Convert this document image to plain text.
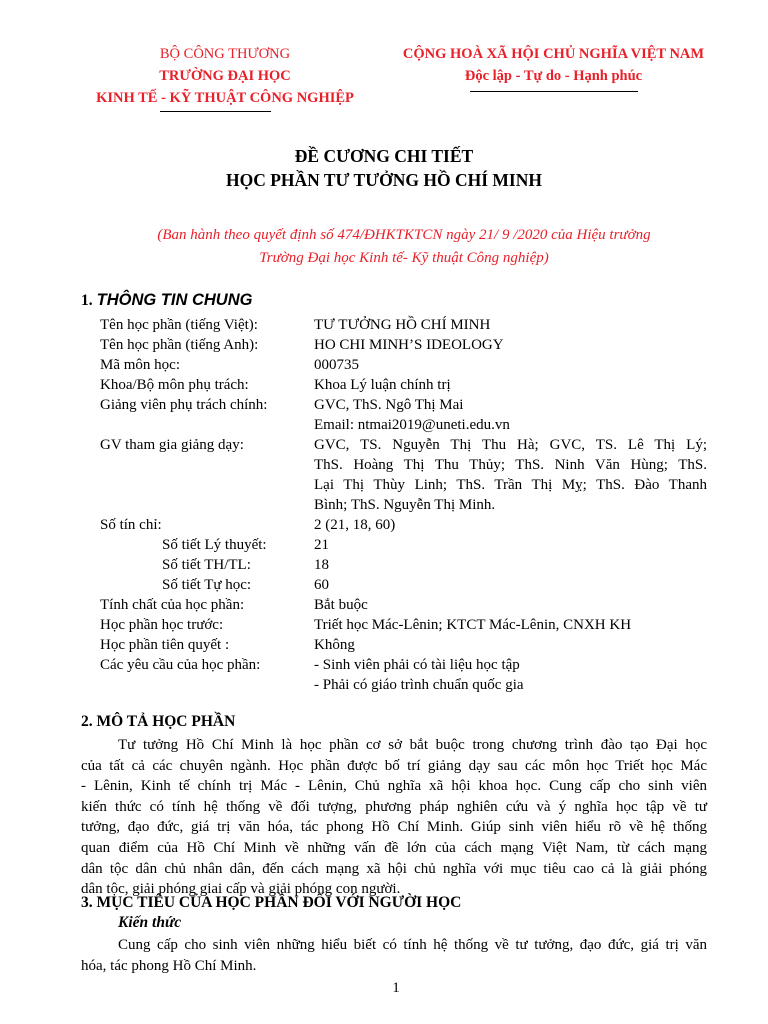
BỘ CÔNG THƯƠNG
TRƯỜNG ĐẠI HỌC
KINH TẾ - KỸ THUẬT CÔNG NGHIỆP
CỘNG HOÀ XÃ HỘI CHỦ NGHĨA VIỆT NAM
Độc lập - Tự do - Hạnh phúc
ĐỀ CƯƠNG CHI TIẾT
HỌC PHẦN TƯ TƯỞNG HỒ CHÍ MINH
(Ban hành theo quyết định số 474/ĐHKTKTCN ngày 21/ 9 /2020 của Hiệu trưởng
Trường Đại học Kinh tế- Kỹ thuật Công nghiệp)
1. THÔNG TIN CHUNG
Tên học phần (tiếng Việt):	TƯ TƯỞNG HỒ CHÍ MINH
Tên học phần (tiếng Anh):	HO CHI MINH’S IDEOLOGY
Mã môn học:	000735
Khoa/Bộ môn phụ trách:	Khoa Lý luận chính trị
Giảng viên phụ trách chính:	GVC, ThS. Ngô Thị Mai
Email: ntmai2019@uneti.edu.vn
GV tham gia giảng dạy:	GVC, TS. Nguyễn Thị Thu Hà; GVC, TS. Lê Thị Lý;
ThS. Hoàng Thị Thu Thủy; ThS. Ninh Văn Hùng; ThS.
Lại Thị Thùy Linh; ThS. Trần Thị Mỵ; ThS. Đào Thanh
Bình; ThS. Nguyễn Thị Minh.
Số tín chỉ:	2 (21, 18, 60)
Số tiết Lý thuyết:	21
Số tiết TH/TL:	18
Số tiết Tự học:	60
Tính chất của học phần:	Bắt buộc
Học phần học trước:	Triết học Mác-Lênin; KTCT Mác-Lênin, CNXH KH
Học phần tiên quyết :	Không
Các yêu cầu của học phần:	- Sinh viên phải có tài liệu học tập
- Phải có giáo trình chuẩn quốc gia
2. MÔ TẢ HỌC PHẦN
Tư tưởng Hồ Chí Minh là học phần cơ sở bắt buộc trong chương trình đào tạo Đại học
của tất cả các chuyên ngành. Học phần được bố trí giảng dạy sau các môn học Triết học Mác
- Lênin, Kinh tế chính trị Mác - Lênin, Chủ nghĩa xã hội khoa học. Cung cấp cho sinh viên
kiến thức có tính hệ thống về đối tượng, phương pháp nghiên cứu và ý nghĩa học tập về tư
tưởng, đạo đức, giá trị văn hóa, tác phong Hồ Chí Minh. Giúp sinh viên hiểu rõ về hệ thống
quan điểm của Hồ Chí Minh về những vấn đề lớn của cách mạng Việt Nam, từ cách mạng
dân tộc dân chủ nhân dân, đến cách mạng xã hội chủ nghĩa với mục tiêu cao cả là giải phóng
dân tộc, giải phóng giai cấp và giải phóng con người.
3. MỤC TIÊU CỦA HỌC PHẦN ĐỐI VỚI NGƯỜI HỌC
Kiến thức
Cung cấp cho sinh viên những hiểu biết có tính hệ thống về tư tưởng, đạo đức, giá trị văn
hóa, tác phong Hồ Chí Minh.
1
